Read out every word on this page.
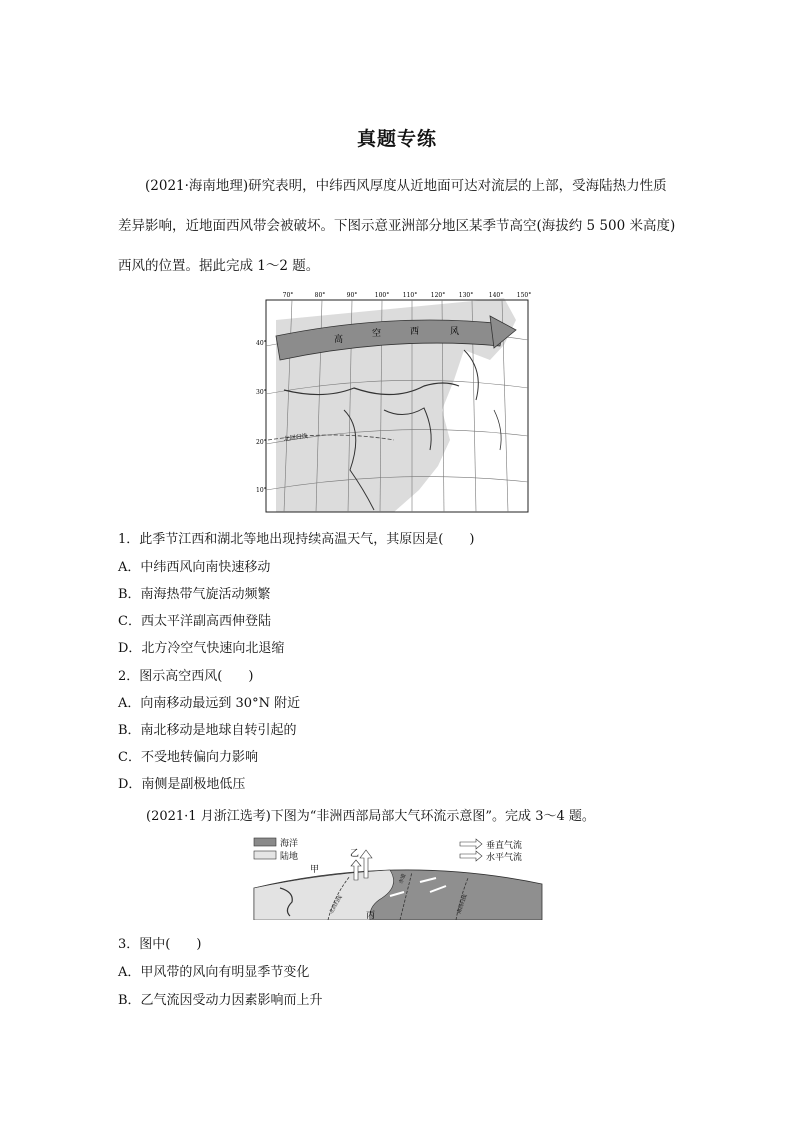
真题专练
(2021·海南地理)研究表明，中纬西风厚度从近地面可达对流层的上部，受海陆热力性质
差异影响，近地面西风带会被破坏。下图示意亚洲部分地区某季节高空(海拔约 5 500 米高度)
西风的位置。据此完成 1～2 题。
70°	80°	90°	100° 110° 120° 130°	140° 150°
40°
30°
20°
10°
高
空	西	风
北回归线
1．此季节江西和湖北等地出现持续高温天气，其原因是(　　)
A．中纬西风向南快速移动
B．南海热带气旋活动频繁
C．西太平洋副高西伸登陆
D．北方冷空气快速向北退缩
2．图示高空西风(　　)
A．向南移动最远到 30°N 附近
B．南北移动是地球自转引起的
C．不受地转偏向力影响
D．南侧是副极地低压
(2021·1 月浙江选考)下图为“非洲西部局部大气环流示意图”。完成 3～4 题。
海洋
陆地
垂直气流
水平气流
甲
乙
丙
北回归线
赤道
南回归线
3．图中(　　)
A．甲风带的风向有明显季节变化
B．乙气流因受动力因素影响而上升
